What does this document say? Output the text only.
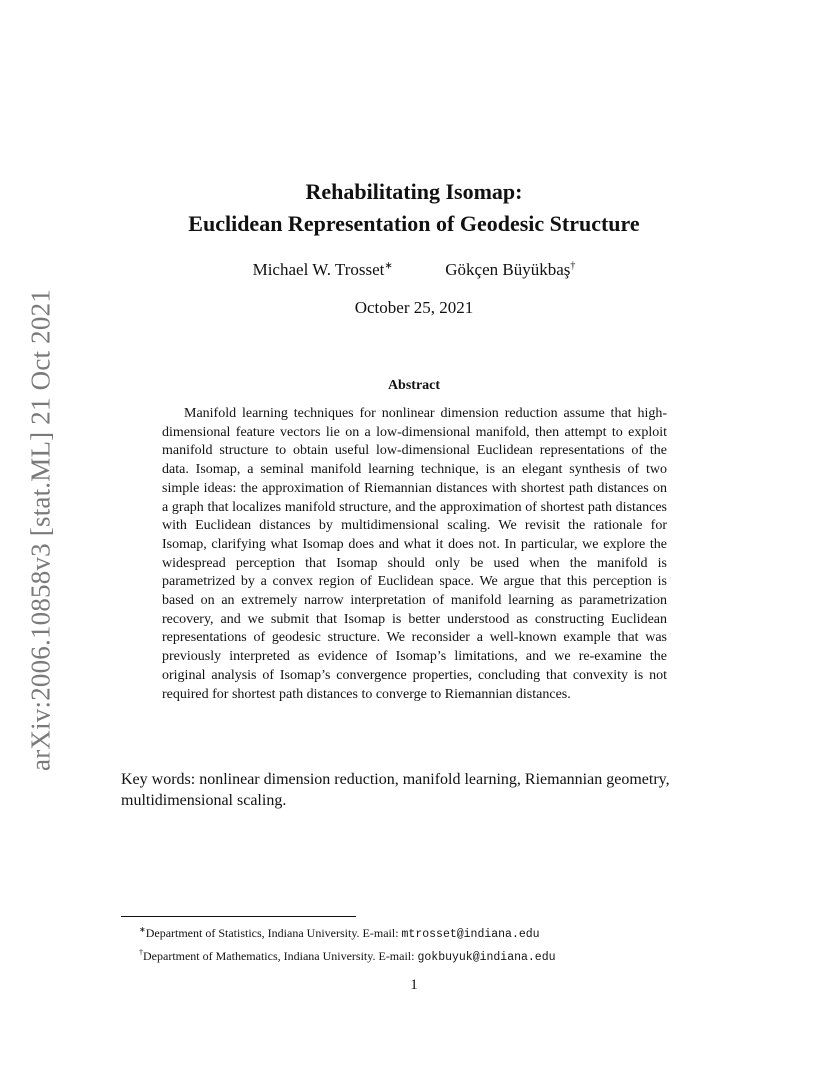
arXiv:2006.10858v3 [stat.ML] 21 Oct 2021
Rehabilitating Isomap:
Euclidean Representation of Geodesic Structure
Michael W. Trosset∗	Gökçen Büyükbaş†
October 25, 2021
Abstract
Manifold learning techniques for nonlinear dimension reduction assume that high-dimensional feature vectors lie on a low-dimensional manifold, then attempt to exploit manifold structure to obtain useful low-dimensional Euclidean representations of the data. Isomap, a seminal manifold learning technique, is an elegant synthesis of two simple ideas: the approximation of Riemannian distances with shortest path distances on a graph that localizes manifold structure, and the approximation of shortest path distances with Euclidean distances by multidimensional scaling. We revisit the rationale for Isomap, clarifying what Isomap does and what it does not. In particular, we explore the widespread perception that Isomap should only be used when the manifold is parametrized by a convex region of Euclidean space. We argue that this perception is based on an extremely narrow interpretation of manifold learning as parametrization recovery, and we submit that Isomap is better understood as constructing Euclidean representations of geodesic structure. We reconsider a well-known example that was previously interpreted as evidence of Isomap’s limitations, and we re-examine the original analysis of Isomap’s convergence properties, concluding that convexity is not required for shortest path distances to converge to Riemannian distances.
Key words: nonlinear dimension reduction, manifold learning, Riemannian geometry, multidimensional scaling.
∗Department of Statistics, Indiana University. E-mail: mtrosset@indiana.edu
†Department of Mathematics, Indiana University. E-mail: gokbuyuk@indiana.edu
1
